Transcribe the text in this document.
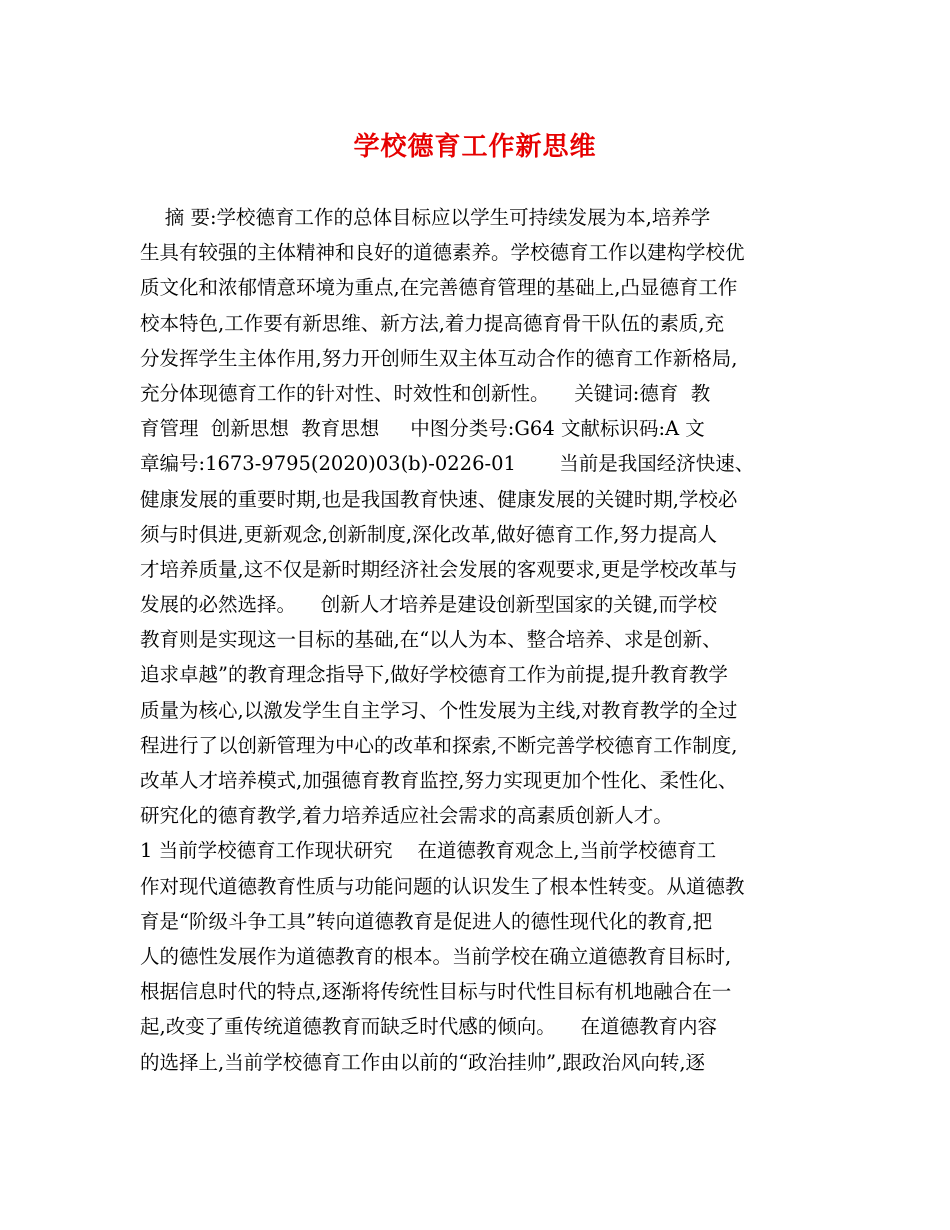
学校德育工作新思维
摘 要:学校德育工作的总体目标应以学生可持续发展为本,培养学
生具有较强的主体精神和良好的道德素养。学校德育工作以建构学校优
质文化和浓郁情意环境为重点,在完善德育管理的基础上,凸显德育工作
校本特色,工作要有新思维、新方法,着力提高德育骨干队伍的素质,充
分发挥学生主体作用,努力开创师生双主体互动合作的德育工作新格局,
充分体现德育工作的针对性、时效性和创新性。    关键词:德育  教
育管理  创新思想  教育思想     中图分类号:G64 文献标识码:A 文
章编号:1673-9795(2020)03(b)-0226-01       当前是我国经济快速、
健康发展的重要时期,也是我国教育快速、健康发展的关键时期,学校必
须与时俱进,更新观念,创新制度,深化改革,做好德育工作,努力提高人
才培养质量,这不仅是新时期经济社会发展的客观要求,更是学校改革与
发展的必然选择。    创新人才培养是建设创新型国家的关键,而学校
教育则是实现这一目标的基础,在“以人为本、整合培养、求是创新、
追求卓越”的教育理念指导下,做好学校德育工作为前提,提升教育教学
质量为核心,以激发学生自主学习、个性发展为主线,对教育教学的全过
程进行了以创新管理为中心的改革和探索,不断完善学校德育工作制度,
改革人才培养模式,加强德育教育监控,努力实现更加个性化、柔性化、
研究化的德育教学,着力培养适应社会需求的高素质创新人才。
1 当前学校德育工作现状研究    在道德教育观念上,当前学校德育工
作对现代道德教育性质与功能问题的认识发生了根本性转变。从道德教
育是“阶级斗争工具”转向道德教育是促进人的德性现代化的教育,把
人的德性发展作为道德教育的根本。当前学校在确立道德教育目标时,
根据信息时代的特点,逐渐将传统性目标与时代性目标有机地融合在一
起,改变了重传统道德教育而缺乏时代感的倾向。    在道德教育内容
的选择上,当前学校德育工作由以前的“政治挂帅”,跟政治风向转,逐
